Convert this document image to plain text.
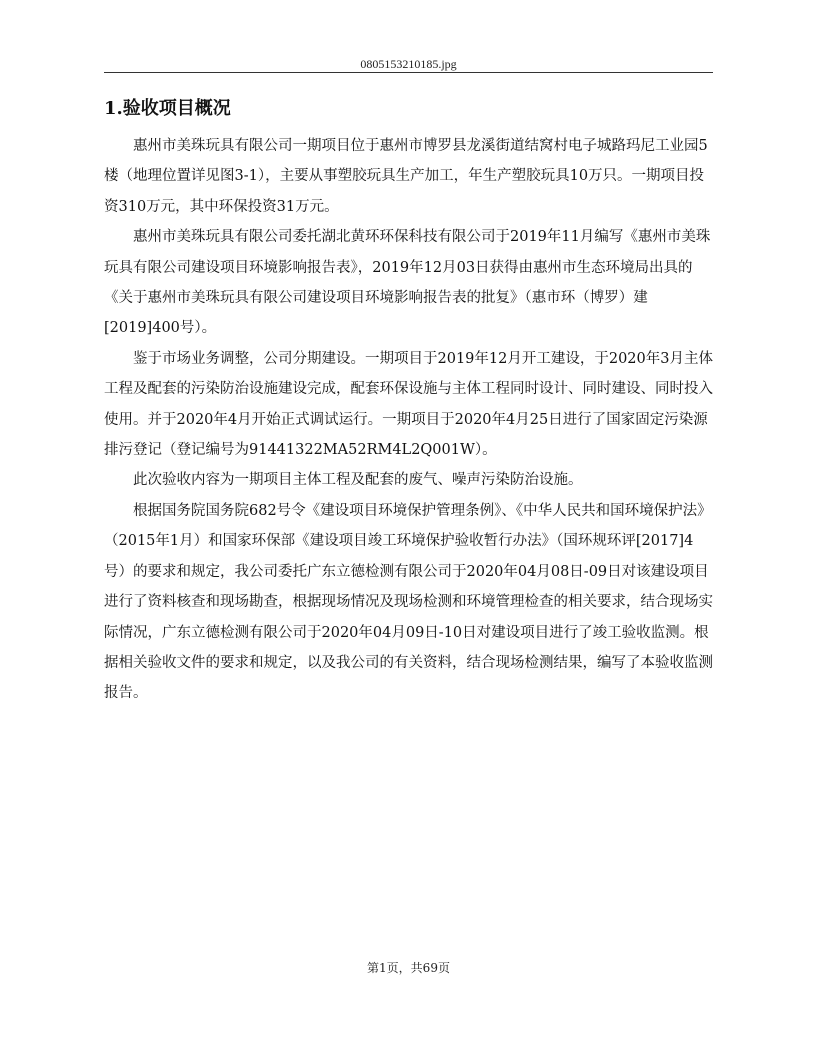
0805153210185.jpg
1.验收项目概况

惠州市美珠玩具有限公司一期项目位于惠州市博罗县龙溪街道结窝村电子城路玛尼工业园5楼（地理位置详见图3-1），主要从事塑胶玩具生产加工，年生产塑胶玩具10万只。一期项目投资310万元，其中环保投资31万元。

惠州市美珠玩具有限公司委托湖北黄环环保科技有限公司于2019年11月编写《惠州市美珠玩具有限公司建设项目环境影响报告表》，2019年12月03日获得由惠州市生态环境局出具的《关于惠州市美珠玩具有限公司建设项目环境影响报告表的批复》（惠市环（博罗）建[2019]400号）。

鉴于市场业务调整，公司分期建设。一期项目于2019年12月开工建设，于2020年3月主体工程及配套的污染防治设施建设完成，配套环保设施与主体工程同时设计、同时建设、同时投入使用。并于2020年4月开始正式调试运行。一期项目于2020年4月25日进行了国家固定污染源排污登记（登记编号为91441322MA52RM4L2Q001W）。

此次验收内容为一期项目主体工程及配套的废气、噪声污染防治设施。

根据国务院国务院682号令《建设项目环境保护管理条例》、《中华人民共和国环境保护法》（2015年1月）和国家环保部《建设项目竣工环境保护验收暂行办法》（国环规环评[2017]4号）的要求和规定，我公司委托广东立德检测有限公司于2020年04月08日-09日对该建设项目进行了资料核查和现场勘查，根据现场情况及现场检测和环境管理检查的相关要求，结合现场实际情况，广东立德检测有限公司于2020年04月09日-10日对建设项目进行了竣工验收监测。根据相关验收文件的要求和规定，以及我公司的有关资料，结合现场检测结果，编写了本验收监测报告。

第1页，共69页
